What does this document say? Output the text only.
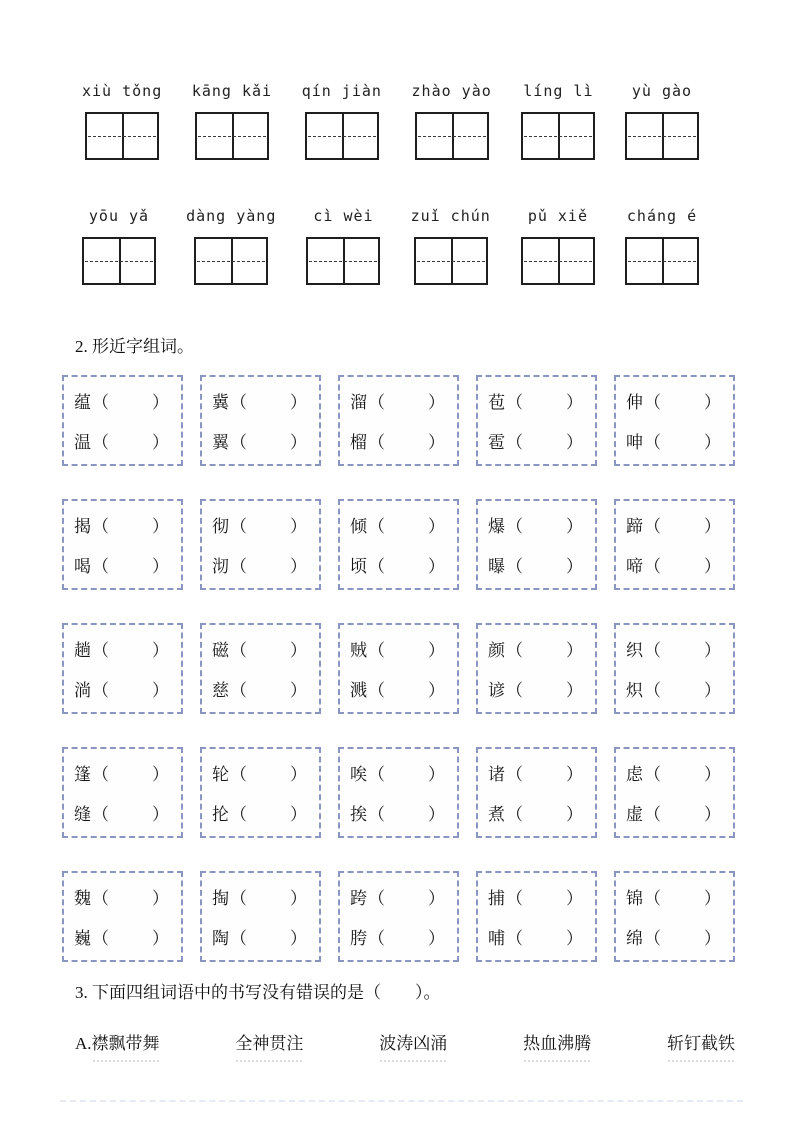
xiù tǒng kāng kǎi qín jiàn zhào yào líng lì	yù gào
yōu yǎ dàng yàng cì wèi zuǐ chún pǔ xiě	cháng é
2. 形近字组词。
蕴 （	）
温 （	）
冀 （	）
翼 （	）
溜 （	）
榴 （	）
苞 （	）
雹 （	）
伸 （	）
呻 （	）
揭 （	）
喝 （	）
彻 （	）
沏 （	）
倾 （	）
顷 （	）
爆 （	）
曝 （	）
蹄 （	）
啼 （	）
趟 （	）
淌 （	）
磁 （	）
慈 （	）
贼 （	）
溅 （	）
颜 （	）
谚 （	）
织 （	）
炽 （	）
篷 （	）
缝 （	）
轮 （	）
抡 （	）
唉 （	）
挨 （	）
诸 （	）
煮 （	）
虑 （	）
虚 （	）
魏 （	）
巍 （	）
掏 （	）
陶 （	）
跨 （	）
胯 （	）
捕 （	）
哺 （	）
锦 （	）
绵 （	）
3. 下面四组词语中的书写没有错误的是（　　）。
A.襟飘带舞	全神贯注	波涛凶涌	热血沸腾	斩钉截铁
